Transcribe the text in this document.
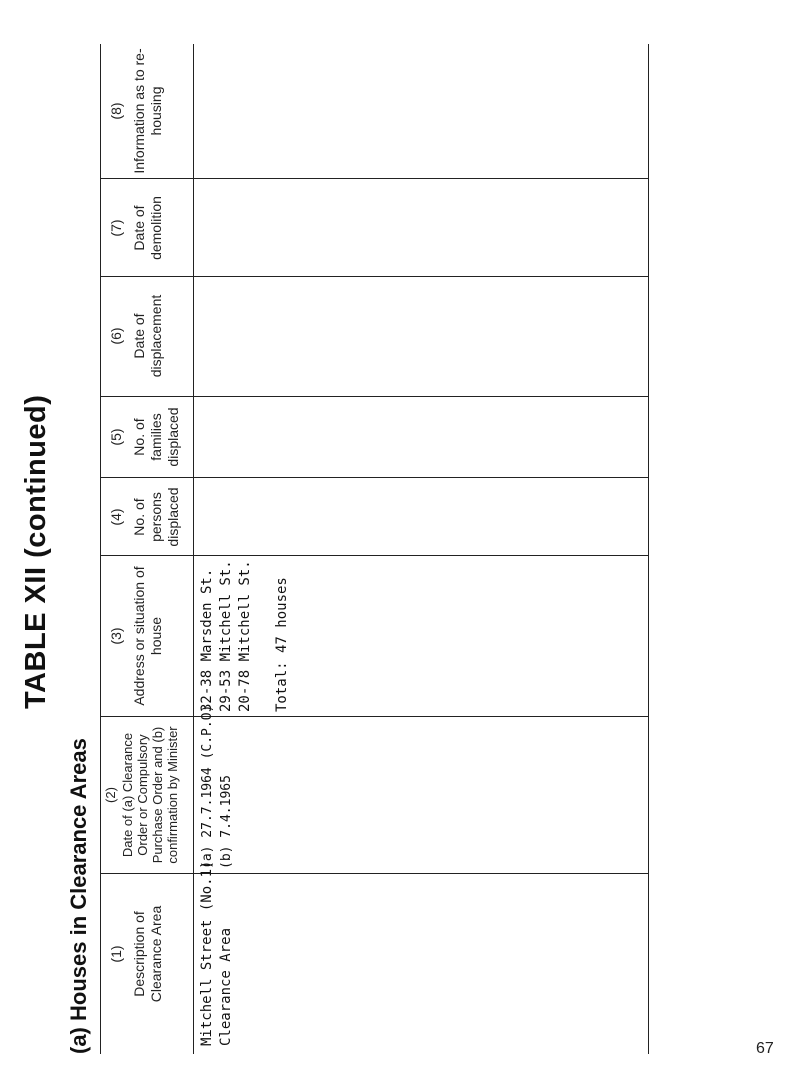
TABLE XII (continued)
(a) Houses in Clearance Areas (1) Description of Clearance Area
(2) Date of (a) Clearance Order or Compulsory Purchase Order and (b) confirmation by Minister
(3) Address or situation of house
(4) No. of persons displaced
(5) No. of families displaced
(6) Date of displacement
(7) Date of demolition
(8) Information as to re-housing
Mitchell Street (No.1) Clearance Area
(a) 27.7.1964 (C.P.O) (b) 7.4.1965
32-38 Marsden St. 29-53 Mitchell St. 20-78 Mitchell St. Total: 47 houses
67
